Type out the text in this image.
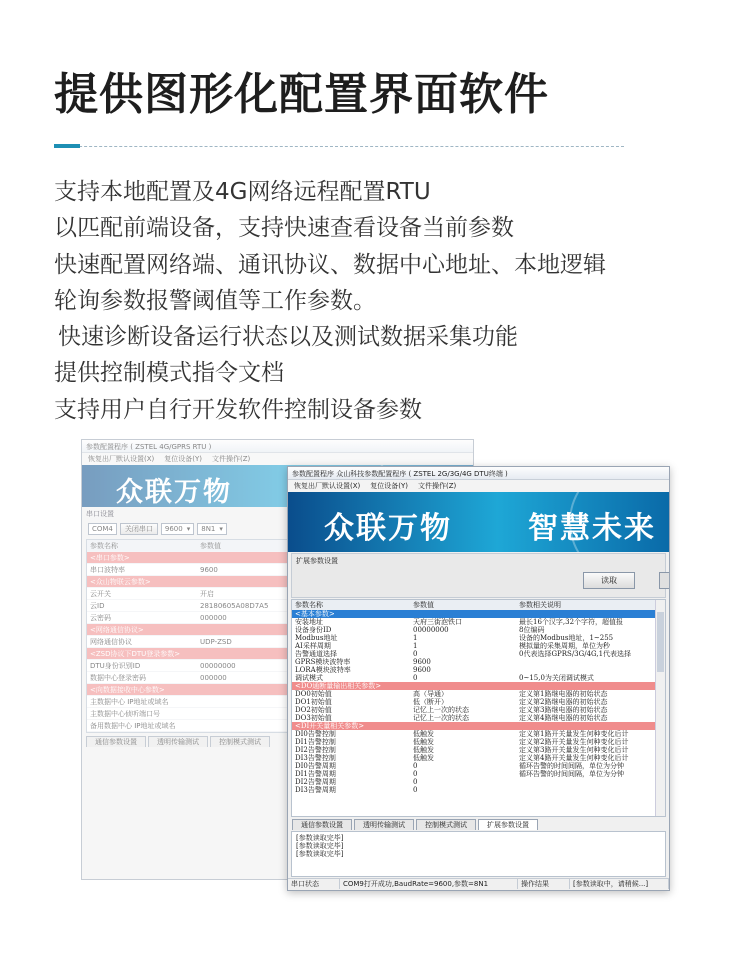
提供图形化配置界面软件
支持本地配置及4G网络远程配置RTU
以匹配前端设备，支持快速查看设备当前参数
快速配置网络端、通讯协议、数据中心地址、本地逻辑
轮询参数报警阈值等工作参数。
快速诊断设备运行状态以及测试数据采集功能
提供控制模式指令文档
支持用户自行开发软件控制设备参数
参数配置程序 ( ZSTEL 4G/GPRS RTU )
恢复出厂默认设置(X) 复位设备(Y) 文件操作(Z)
众联万物
串口设置
COM4	关闭串口	9600 ▾ 8N1 ▾
参数名称	参数值
<串口参数>
串口波特率	9600
<众山物联云参数>
云开关	开启
云ID	28180605A08D7A5
云密码	000000
<网络通信协议>
网络通信协议	UDP-ZSD
<ZSD协议下DTU登录参数>
DTU身份识别ID	00000000
数据中心登录密码	000000
<向数据接收中心参数>
主数据中心 IP地址或域名
主数据中心侦听端口号
备用数据中心 IP地址或域名
通信参数设置	透明传输测试	控制模式测试
参数配置程序 众山科技参数配置程序 ( ZSTEL 2G/3G/4G DTU终端 )
恢复出厂默认设置(X) 复位设备(Y) 文件操作(Z)
众联万物	智慧未来
扩展参数设置
读取
参数名称	参数值	参数相关说明
<基本参数>
安装地址	天府三街泡铁口	最长16个汉字,32个字符，超值报
设备身份ID	00000000	8位编码
Modbus地址	1	设备的Modbus地址，1~255
AI采样周期	1	模拟量的采集周期，单位为秒
告警通道选择	0	0代表选择GPRS/3G/4G,1代表选择
GPRS模块波特率	9600
LORA模块波特率	9600
调试模式	0	0~15,0为关闭调试模式
<DO通断量输出相关参数>
DO0初始值	高（导通）	定义第1路继电器的初始状态
DO1初始值	低（断开）	定义第2路继电器的初始状态
DO2初始值	记忆上一次的状态	定义第3路继电器的初始状态
DO3初始值	记忆上一次的状态	定义第4路继电器的初始状态
<DI开关量相关参数>
DI0告警控制	低触发	定义第1路开关量发生何种变化后计
DI1告警控制	低触发	定义第2路开关量发生何种变化后计
DI2告警控制	低触发	定义第3路开关量发生何种变化后计
DI3告警控制	低触发	定义第4路开关量发生何种变化后计
DI0告警周期	0	循环告警的时间间隔，单位为分钟
DI1告警周期	0	循环告警的时间间隔，单位为分钟
DI2告警周期	0
DI3告警周期	0
通信参数设置	透明传输测试	控制模式测试	扩展参数设置
[参数读取完毕]
[参数读取完毕]
[参数读取完毕]
串口状态	COM9打开成功,BaudRate=9600,参数=8N1	操作结果	[参数读取中，请稍候...]
